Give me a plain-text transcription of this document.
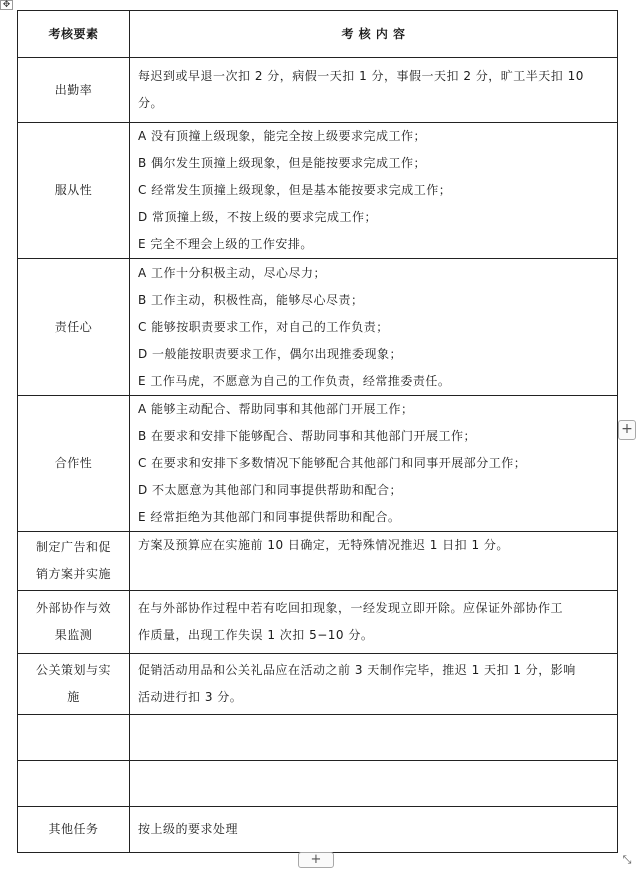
✥
考核要素	考 核 内 容

出勤率	每迟到或早退一次扣 2 分，病假一天扣 1 分，事假一天扣 2 分，旷工半天扣 10
分。

服从性	A 没有顶撞上级现象，能完全按上级要求完成工作；
B 偶尔发生顶撞上级现象，但是能按要求完成工作；
C 经常发生顶撞上级现象，但是基本能按要求完成工作；
D 常顶撞上级，不按上级的要求完成工作；
E 完全不理会上级的工作安排。

责任心	A 工作十分积极主动，尽心尽力；
B 工作主动，积极性高，能够尽心尽责；
C 能够按职责要求工作，对自己的工作负责；
D 一般能按职责要求工作，偶尔出现推委现象；
E 工作马虎，不愿意为自己的工作负责，经常推委责任。

合作性	A 能够主动配合、帮助同事和其他部门开展工作；
B 在要求和安排下能够配合、帮助同事和其他部门开展工作；
C 在要求和安排下多数情况下能够配合其他部门和同事开展部分工作；
D 不太愿意为其他部门和同事提供帮助和配合；
E 经常拒绝为其他部门和同事提供帮助和配合。

制定广告和促
销方案并实施	方案及预算应在实施前 10 日确定，无特殊情况推迟 1 日扣 1 分。

外部协作与效
果监测	在与外部协作过程中若有吃回扣现象，一经发现立即开除。应保证外部协作工
作质量，出现工作失误 1 次扣 5−10 分。

公关策划与实
施	促销活动用品和公关礼品应在活动之前 3 天制作完毕，推迟 1 天扣 1 分，影响
活动进行扣 3 分。

其他任务	按上级的要求处理
+
+	⤡
